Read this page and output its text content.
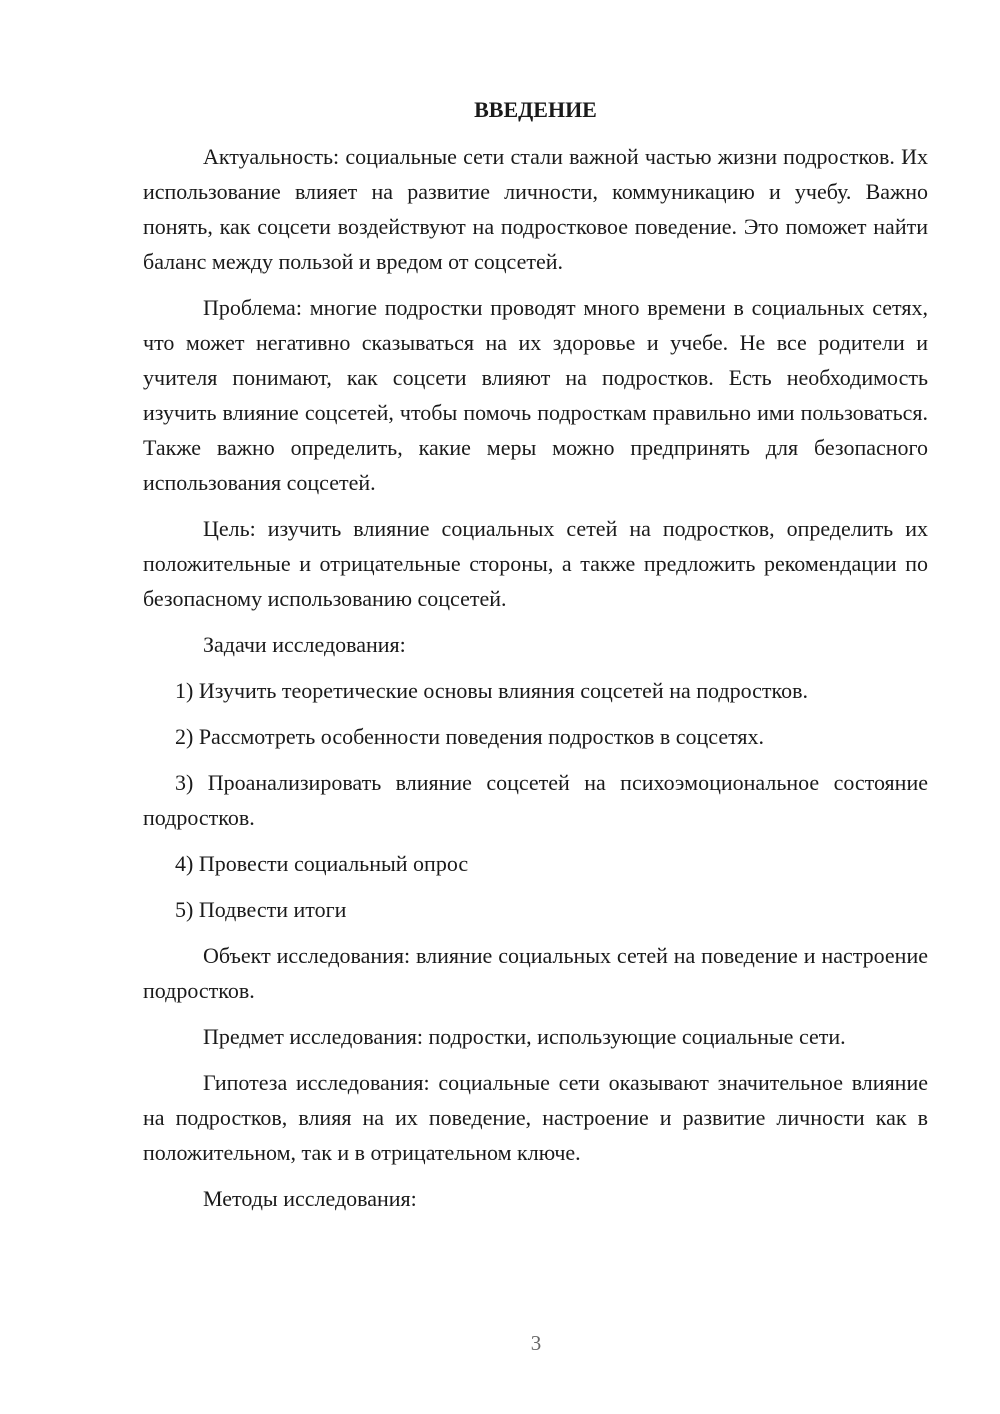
ВВЕДЕНИЕ

Актуальность: социальные сети стали важной частью жизни подростков. Их использование влияет на развитие личности, коммуникацию и учебу. Важно понять, как соцсети воздействуют на подростковое поведение. Это поможет найти баланс между пользой и вредом от соцсетей.

Проблема: многие подростки проводят много времени в социальных сетях, что может негативно сказываться на их здоровье и учебе. Не все родители и учителя понимают, как соцсети влияют на подростков. Есть необходимость изучить влияние соцсетей, чтобы помочь подросткам правильно ими пользоваться. Также важно определить, какие меры можно предпринять для безопасного использования соцсетей.

Цель: изучить влияние социальных сетей на подростков, определить их положительные и отрицательные стороны, а также предложить рекомендации по безопасному использованию соцсетей.

Задачи исследования:

1) Изучить теоретические основы влияния соцсетей на подростков.

2) Рассмотреть особенности поведения подростков в соцсетях.

3) Проанализировать влияние соцсетей на психоэмоциональное состояние подростков.

4) Провести социальный опрос

5) Подвести итоги

Объект исследования: влияние социальных сетей на поведение и настроение подростков.

Предмет исследования: подростки, использующие социальные сети.

Гипотеза исследования: социальные сети оказывают значительное влияние на подростков, влияя на их поведение, настроение и развитие личности как в положительном, так и в отрицательном ключе.

Методы исследования:

3
